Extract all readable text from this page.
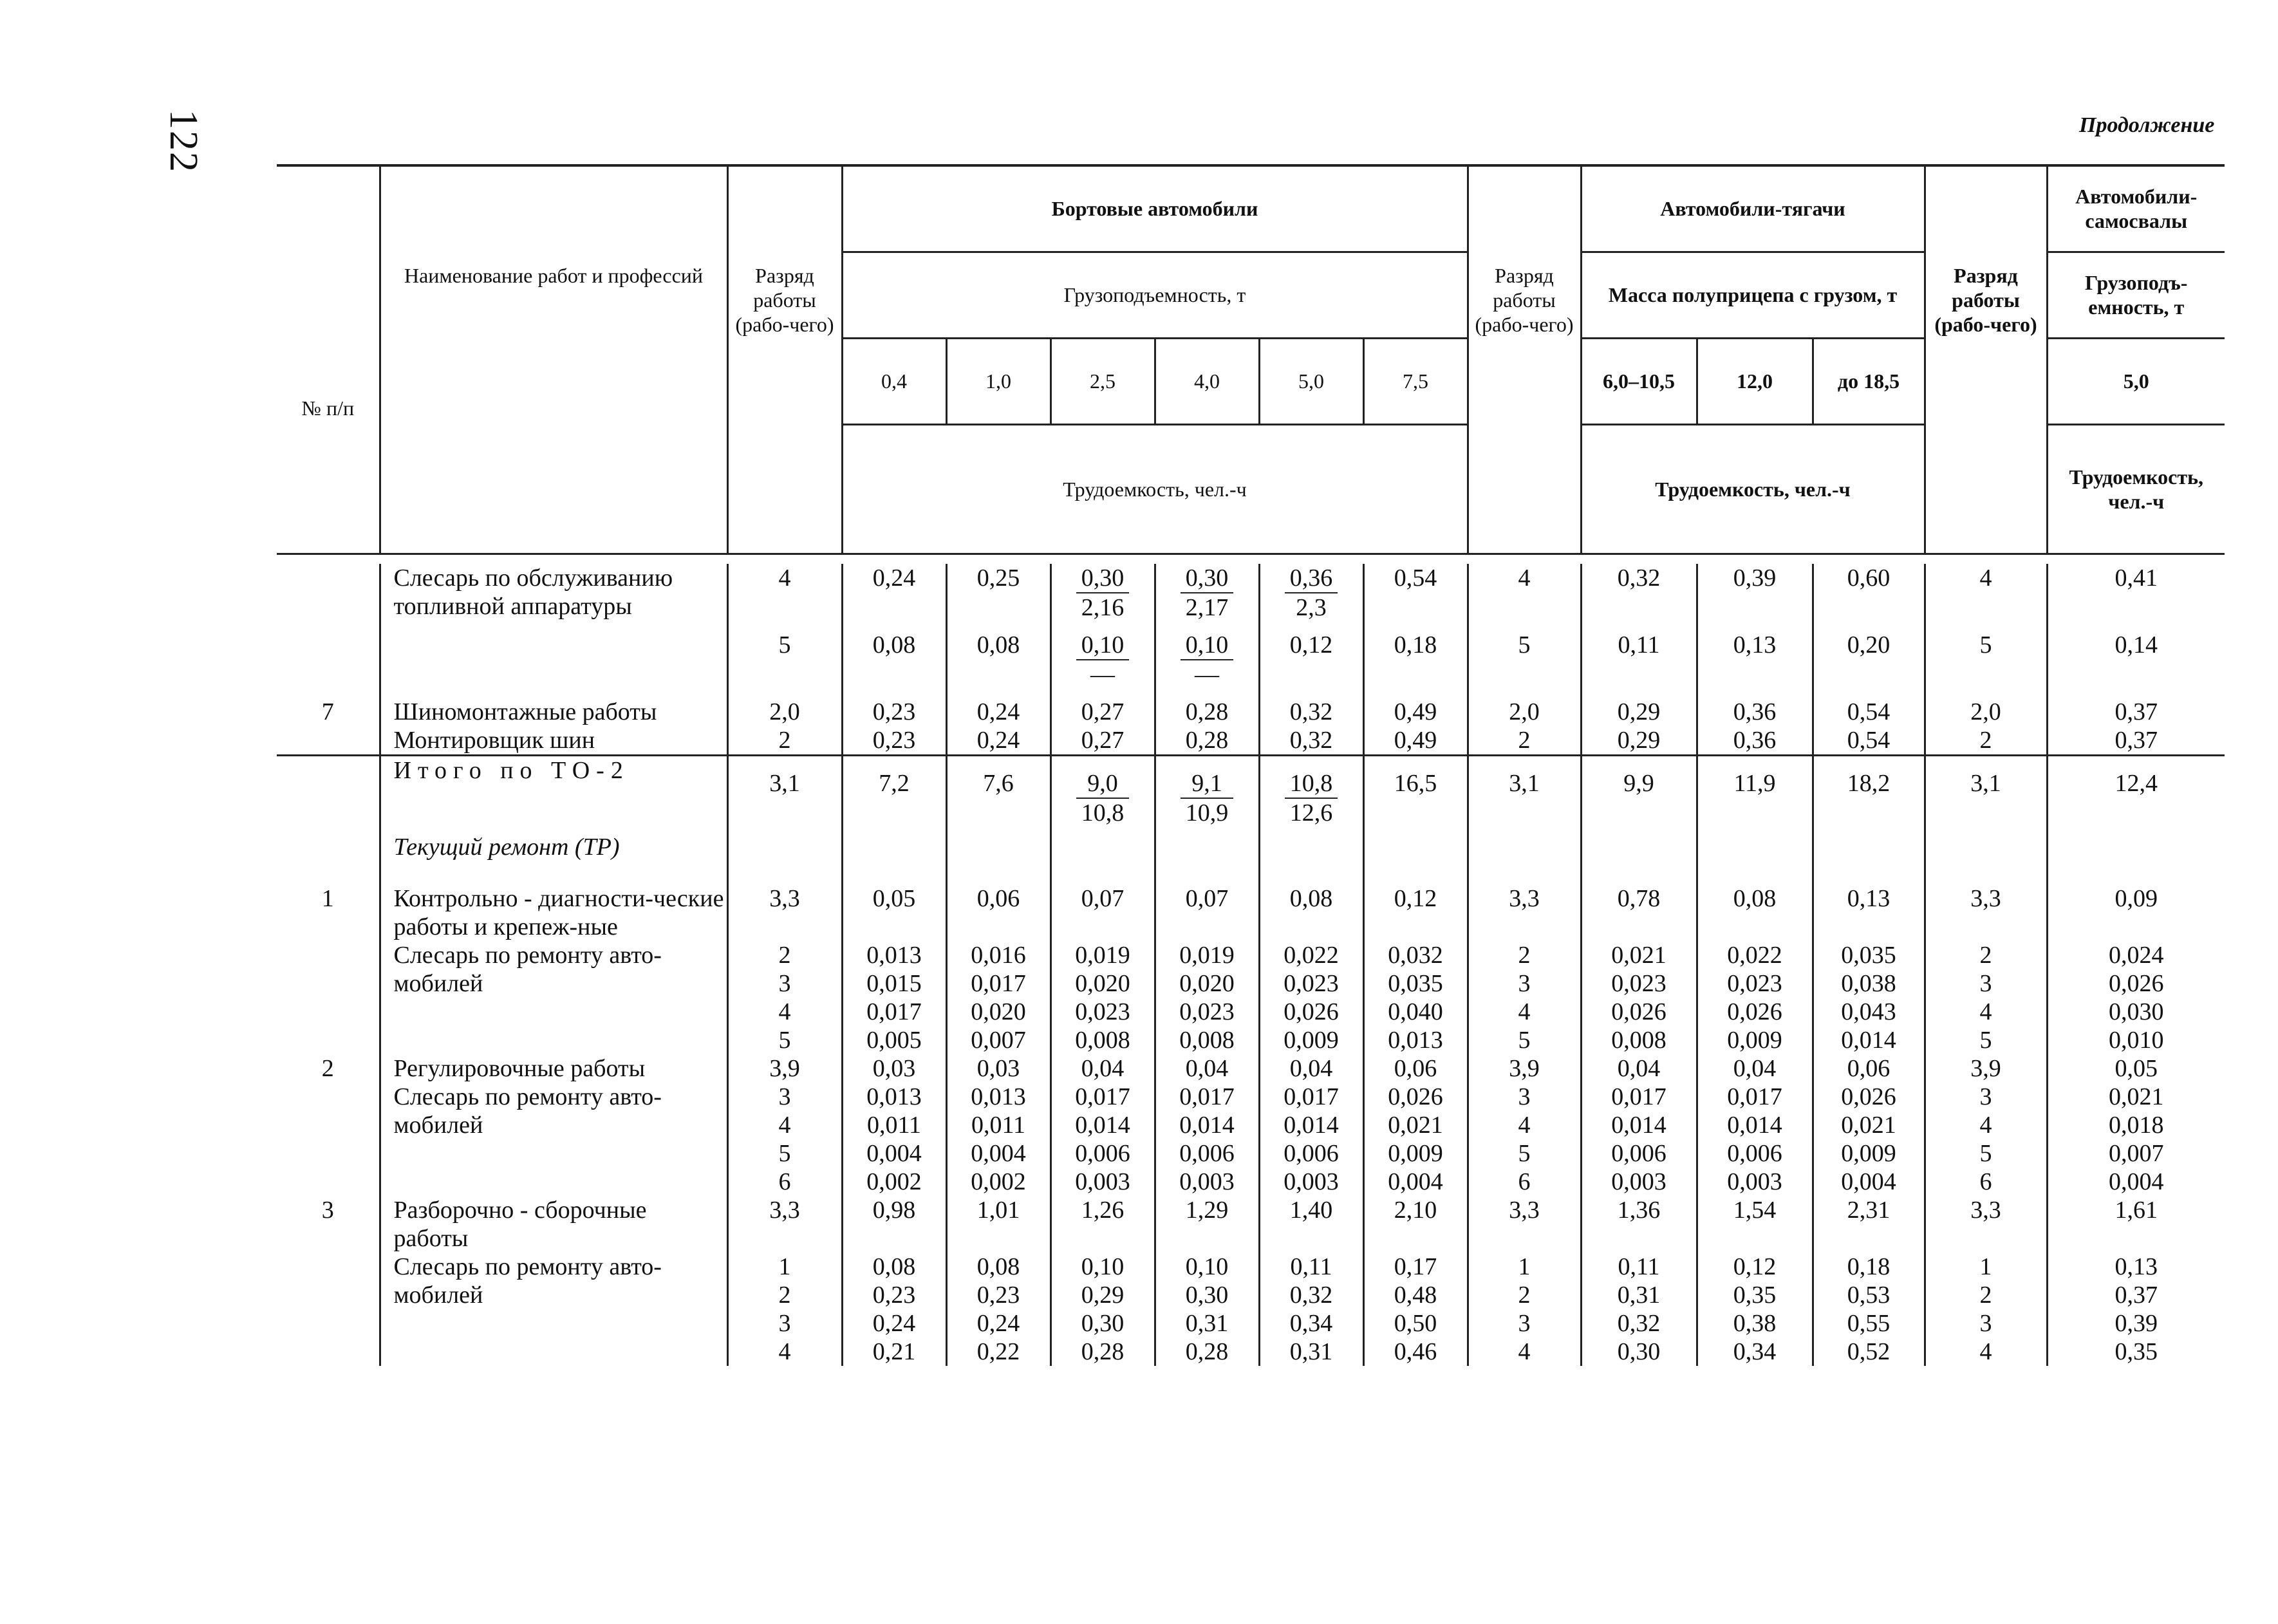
122	Продолжение

№ п/п	Наименование работ и профессий	Разряд работы (рабо-чего)	Бортовые автомобили						Разряд работы (рабо-чего)	Автомобили-тягачи			Разряд работы (рабо-чего)	Автомобили-самосвалы
			Грузоподъемность, т							Масса полуприцепа с грузом, т				Грузоподъ-емность, т
			0,4	1,0	2,5	4,0	5,0	7,5		6,0–10,5	12,0	до 18,5		5,0
			Трудоемкость, чел.-ч							Трудоемкость, чел.-ч				Трудоемкость, чел.-ч

	Слесарь по обслуживанию топливной аппаратуры	4	0,24	0,25	$\frac{0,30}{2,16}$	$\frac{0,30}{2,17}$	$\frac{0,36}{2,3}$	0,54	4	0,32	0,39	0,60	4	0,41
		5	0,08	0,08	$\frac{0,10}{—}$	$\frac{0,10}{—}$	0,12	0,18	5	0,11	0,13	0,20	5	0,14
7	Шиномонтажные работы	2,0	0,23	0,24	0,27	0,28	0,32	0,49	2,0	0,29	0,36	0,54	2,0	0,37
	Монтировщик шин	2	0,23	0,24	0,27	0,28	0,32	0,49	2	0,29	0,36	0,54	2	0,37
	Итого по ТО-2	3,1	7,2	7,6	$\frac{9,0}{10,8}$	$\frac{9,1}{10,9}$	$\frac{10,8}{12,6}$	16,5	3,1	9,9	11,9	18,2	3,1	12,4
	Текущий ремонт (ТР)													
1	Контрольно - диагности-ческие работы и крепеж-ные	3,3	0,05	0,06	0,07	0,07	0,08	0,12	3,3	0,78	0,08	0,13	3,3	0,09
	Слесарь по ремонту авто-	2	0,013	0,016	0,019	0,019	0,022	0,032	2	0,021	0,022	0,035	2	0,024
	мобилей	3	0,015	0,017	0,020	0,020	0,023	0,035	3	0,023	0,023	0,038	3	0,026
		4	0,017	0,020	0,023	0,023	0,026	0,040	4	0,026	0,026	0,043	4	0,030
		5	0,005	0,007	0,008	0,008	0,009	0,013	5	0,008	0,009	0,014	5	0,010
2	Регулировочные работы	3,9	0,03	0,03	0,04	0,04	0,04	0,06	3,9	0,04	0,04	0,06	3,9	0,05
	Слесарь по ремонту авто-	3	0,013	0,013	0,017	0,017	0,017	0,026	3	0,017	0,017	0,026	3	0,021
	мобилей	4	0,011	0,011	0,014	0,014	0,014	0,021	4	0,014	0,014	0,021	4	0,018
		5	0,004	0,004	0,006	0,006	0,006	0,009	5	0,006	0,006	0,009	5	0,007
		6	0,002	0,002	0,003	0,003	0,003	0,004	6	0,003	0,003	0,004	6	0,004
3	Разборочно - сборочные работы	3,3	0,98	1,01	1,26	1,29	1,40	2,10	3,3	1,36	1,54	2,31	3,3	1,61
	Слесарь по ремонту авто-	1	0,08	0,08	0,10	0,10	0,11	0,17	1	0,11	0,12	0,18	1	0,13
	мобилей	2	0,23	0,23	0,29	0,30	0,32	0,48	2	0,31	0,35	0,53	2	0,37
		3	0,24	0,24	0,30	0,31	0,34	0,50	3	0,32	0,38	0,55	3	0,39
		4	0,21	0,22	0,28	0,28	0,31	0,46	4	0,30	0,34	0,52	4	0,35
